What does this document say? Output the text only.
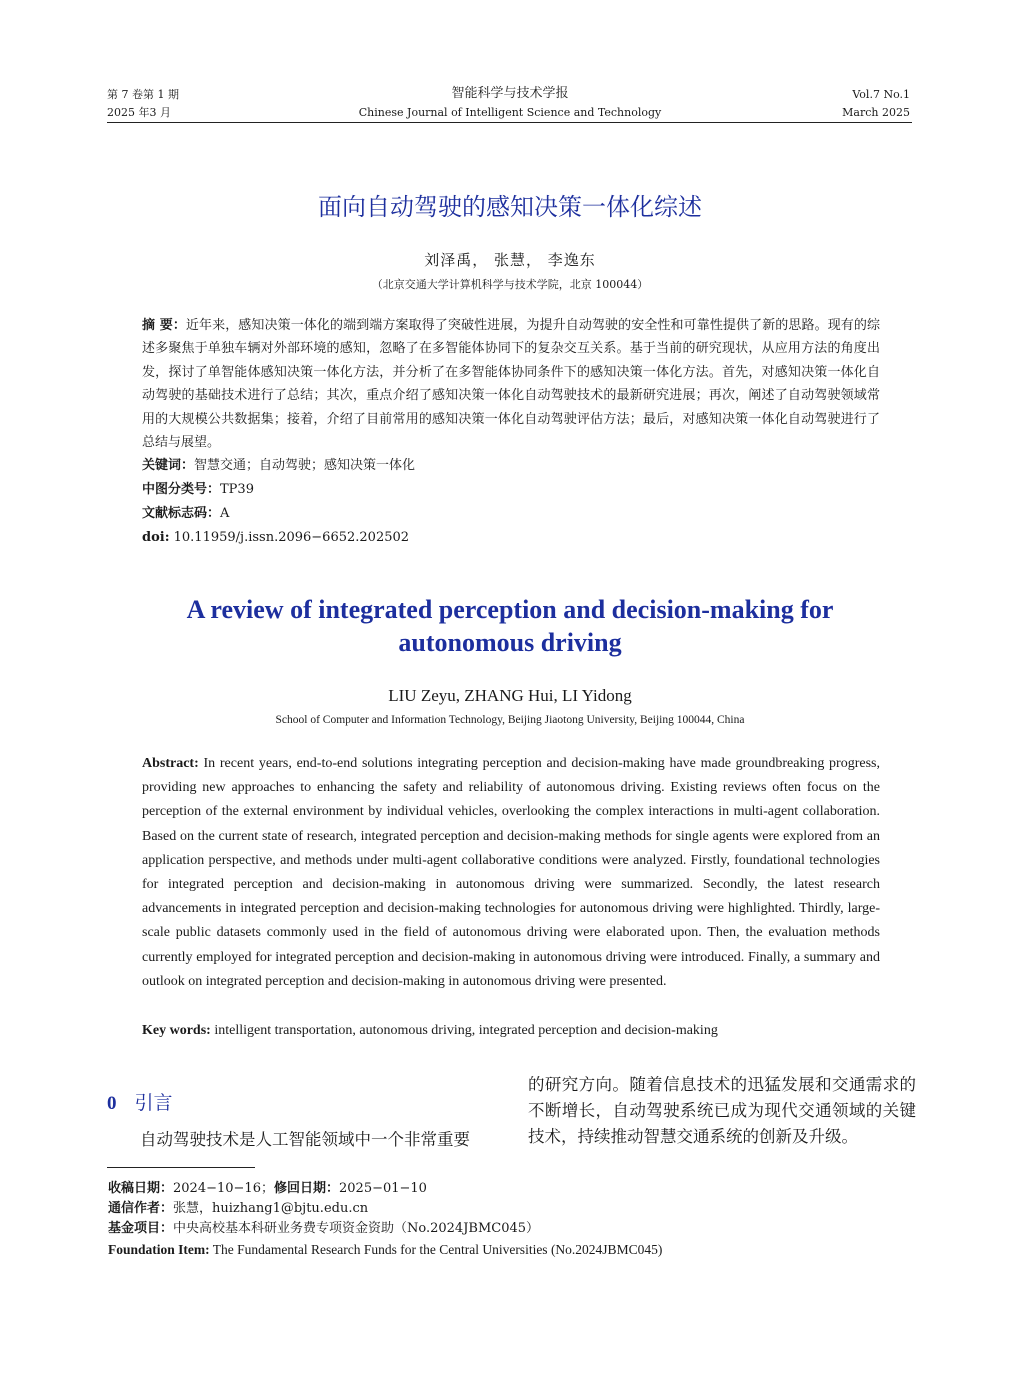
第 7 卷第 1 期
2025 年3 月
智能科学与技术学报
Chinese Journal of Intelligent Science and Technology
Vol.7 No.1
March 2025
面向自动驾驶的感知决策一体化综述
刘泽禹， 张慧， 李逸东
（北京交通大学计算机科学与技术学院，北京 100044）
摘 要：近年来，感知决策一体化的端到端方案取得了突破性进展，为提升自动驾驶的安全性和可靠性提供了新的思路。现有的综述多聚焦于单独车辆对外部环境的感知，忽略了在多智能体协同下的复杂交互关系。基于当前的研究现状，从应用方法的角度出发，探讨了单智能体感知决策一体化方法，并分析了在多智能体协同条件下的感知决策一体化方法。首先，对感知决策一体化自动驾驶的基础技术进行了总结；其次，重点介绍了感知决策一体化自动驾驶技术的最新研究进展；再次，阐述了自动驾驶领域常用的大规模公共数据集；接着，介绍了目前常用的感知决策一体化自动驾驶评估方法；最后，对感知决策一体化自动驾驶进行了总结与展望。
关键词：智慧交通；自动驾驶；感知决策一体化
中图分类号：TP39
文献标志码：A
doi: 10.11959/j.issn.2096−6652.202502
A review of integrated perception and decision-making for
autonomous driving
LIU Zeyu, ZHANG Hui, LI Yidong
School of Computer and Information Technology, Beijing Jiaotong University, Beijing 100044, China
Abstract: In recent years, end-to-end solutions integrating perception and decision-making have made groundbreaking progress, providing new approaches to enhancing the safety and reliability of autonomous driving. Existing reviews often focus on the perception of the external environment by individual vehicles, overlooking the complex interactions in multi-agent collaboration. Based on the current state of research, integrated perception and decision-making methods for single agents were explored from an application perspective, and methods under multi-agent collaborative conditions were analyzed. Firstly, foundational technologies for integrated perception and decision-making in autonomous driving were summarized. Secondly, the latest research advancements in integrated perception and decision-making technologies for autonomous driving were highlighted. Thirdly, large-scale public datasets commonly used in the field of autonomous driving were elaborated upon. Then, the evaluation methods currently employed for integrated perception and decision-making in autonomous driving were introduced. Finally, a summary and outlook on integrated perception and decision-making in autonomous driving were presented.
Key words: intelligent transportation, autonomous driving, integrated perception and decision-making
0 引言
自动驾驶技术是人工智能领域中一个非常重要
的研究方向。随着信息技术的迅猛发展和交通需求的不断增长，自动驾驶系统已成为现代交通领域的关键技术，持续推动智慧交通系统的创新及升级。
收稿日期：2024−10−16；修回日期：2025−01−10
通信作者：张慧，huizhang1@bjtu.edu.cn
基金项目：中央高校基本科研业务费专项资金资助（No.2024JBMC045）
Foundation Item: The Fundamental Research Funds for the Central Universities (No.2024JBMC045)
